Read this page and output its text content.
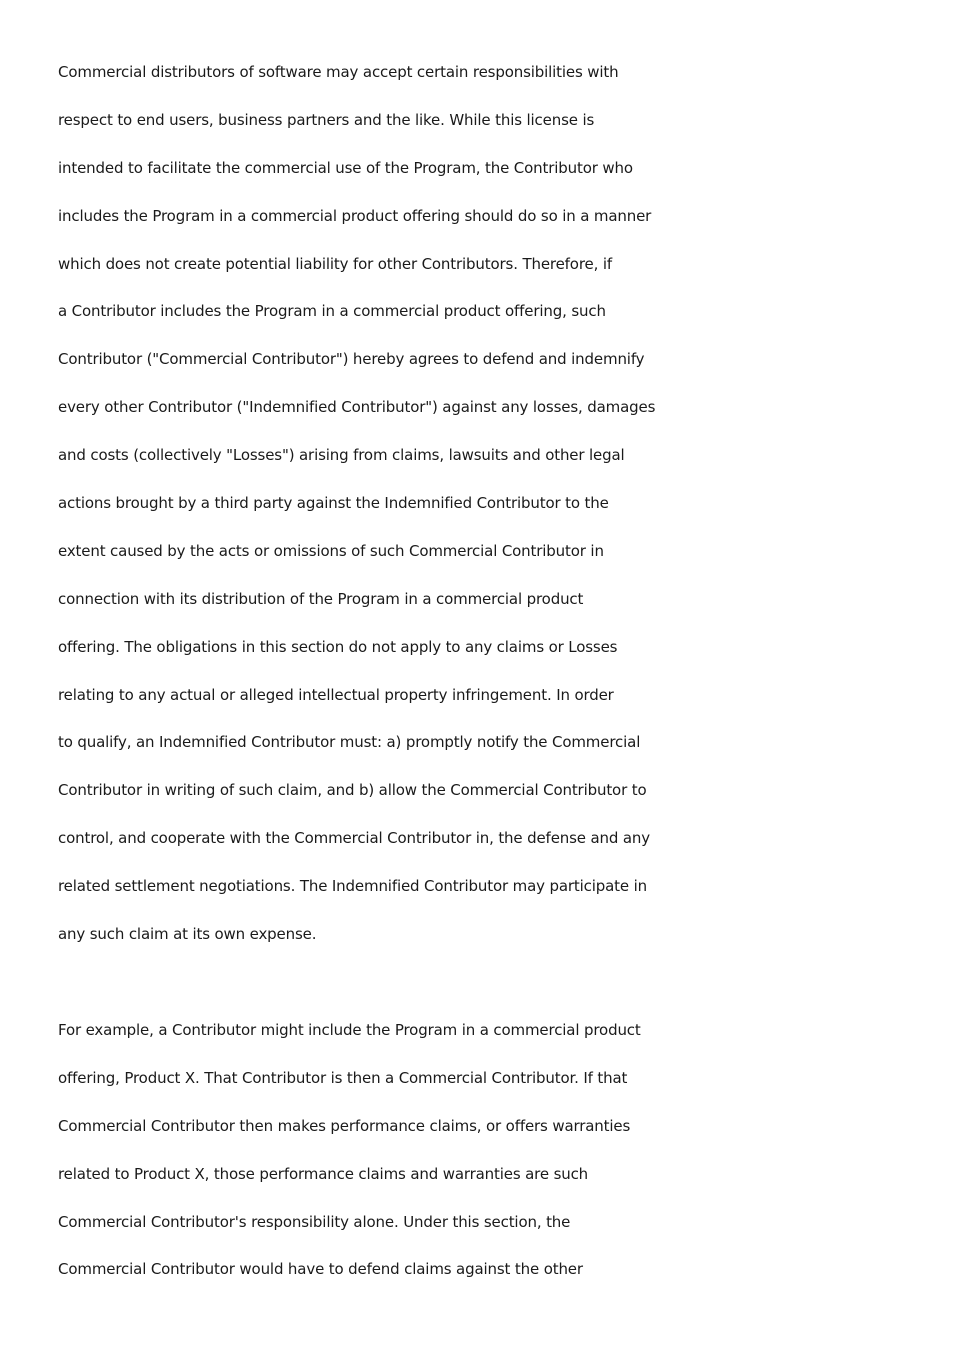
Commercial distributors of software may accept certain responsibilities with
respect to end users, business partners and the like. While this license is
intended to facilitate the commercial use of the Program, the Contributor who
includes the Program in a commercial product offering should do so in a manner
which does not create potential liability for other Contributors. Therefore, if
a Contributor includes the Program in a commercial product offering, such
Contributor ("Commercial Contributor") hereby agrees to defend and indemnify
every other Contributor ("Indemnified Contributor") against any losses, damages
and costs (collectively "Losses") arising from claims, lawsuits and other legal
actions brought by a third party against the Indemnified Contributor to the
extent caused by the acts or omissions of such Commercial Contributor in
connection with its distribution of the Program in a commercial product
offering. The obligations in this section do not apply to any claims or Losses
relating to any actual or alleged intellectual property infringement. In order
to qualify, an Indemnified Contributor must: a) promptly notify the Commercial
Contributor in writing of such claim, and b) allow the Commercial Contributor to
control, and cooperate with the Commercial Contributor in, the defense and any
related settlement negotiations. The Indemnified Contributor may participate in
any such claim at its own expense.
For example, a Contributor might include the Program in a commercial product
offering, Product X. That Contributor is then a Commercial Contributor. If that
Commercial Contributor then makes performance claims, or offers warranties
related to Product X, those performance claims and warranties are such
Commercial Contributor's responsibility alone. Under this section, the
Commercial Contributor would have to defend claims against the other
